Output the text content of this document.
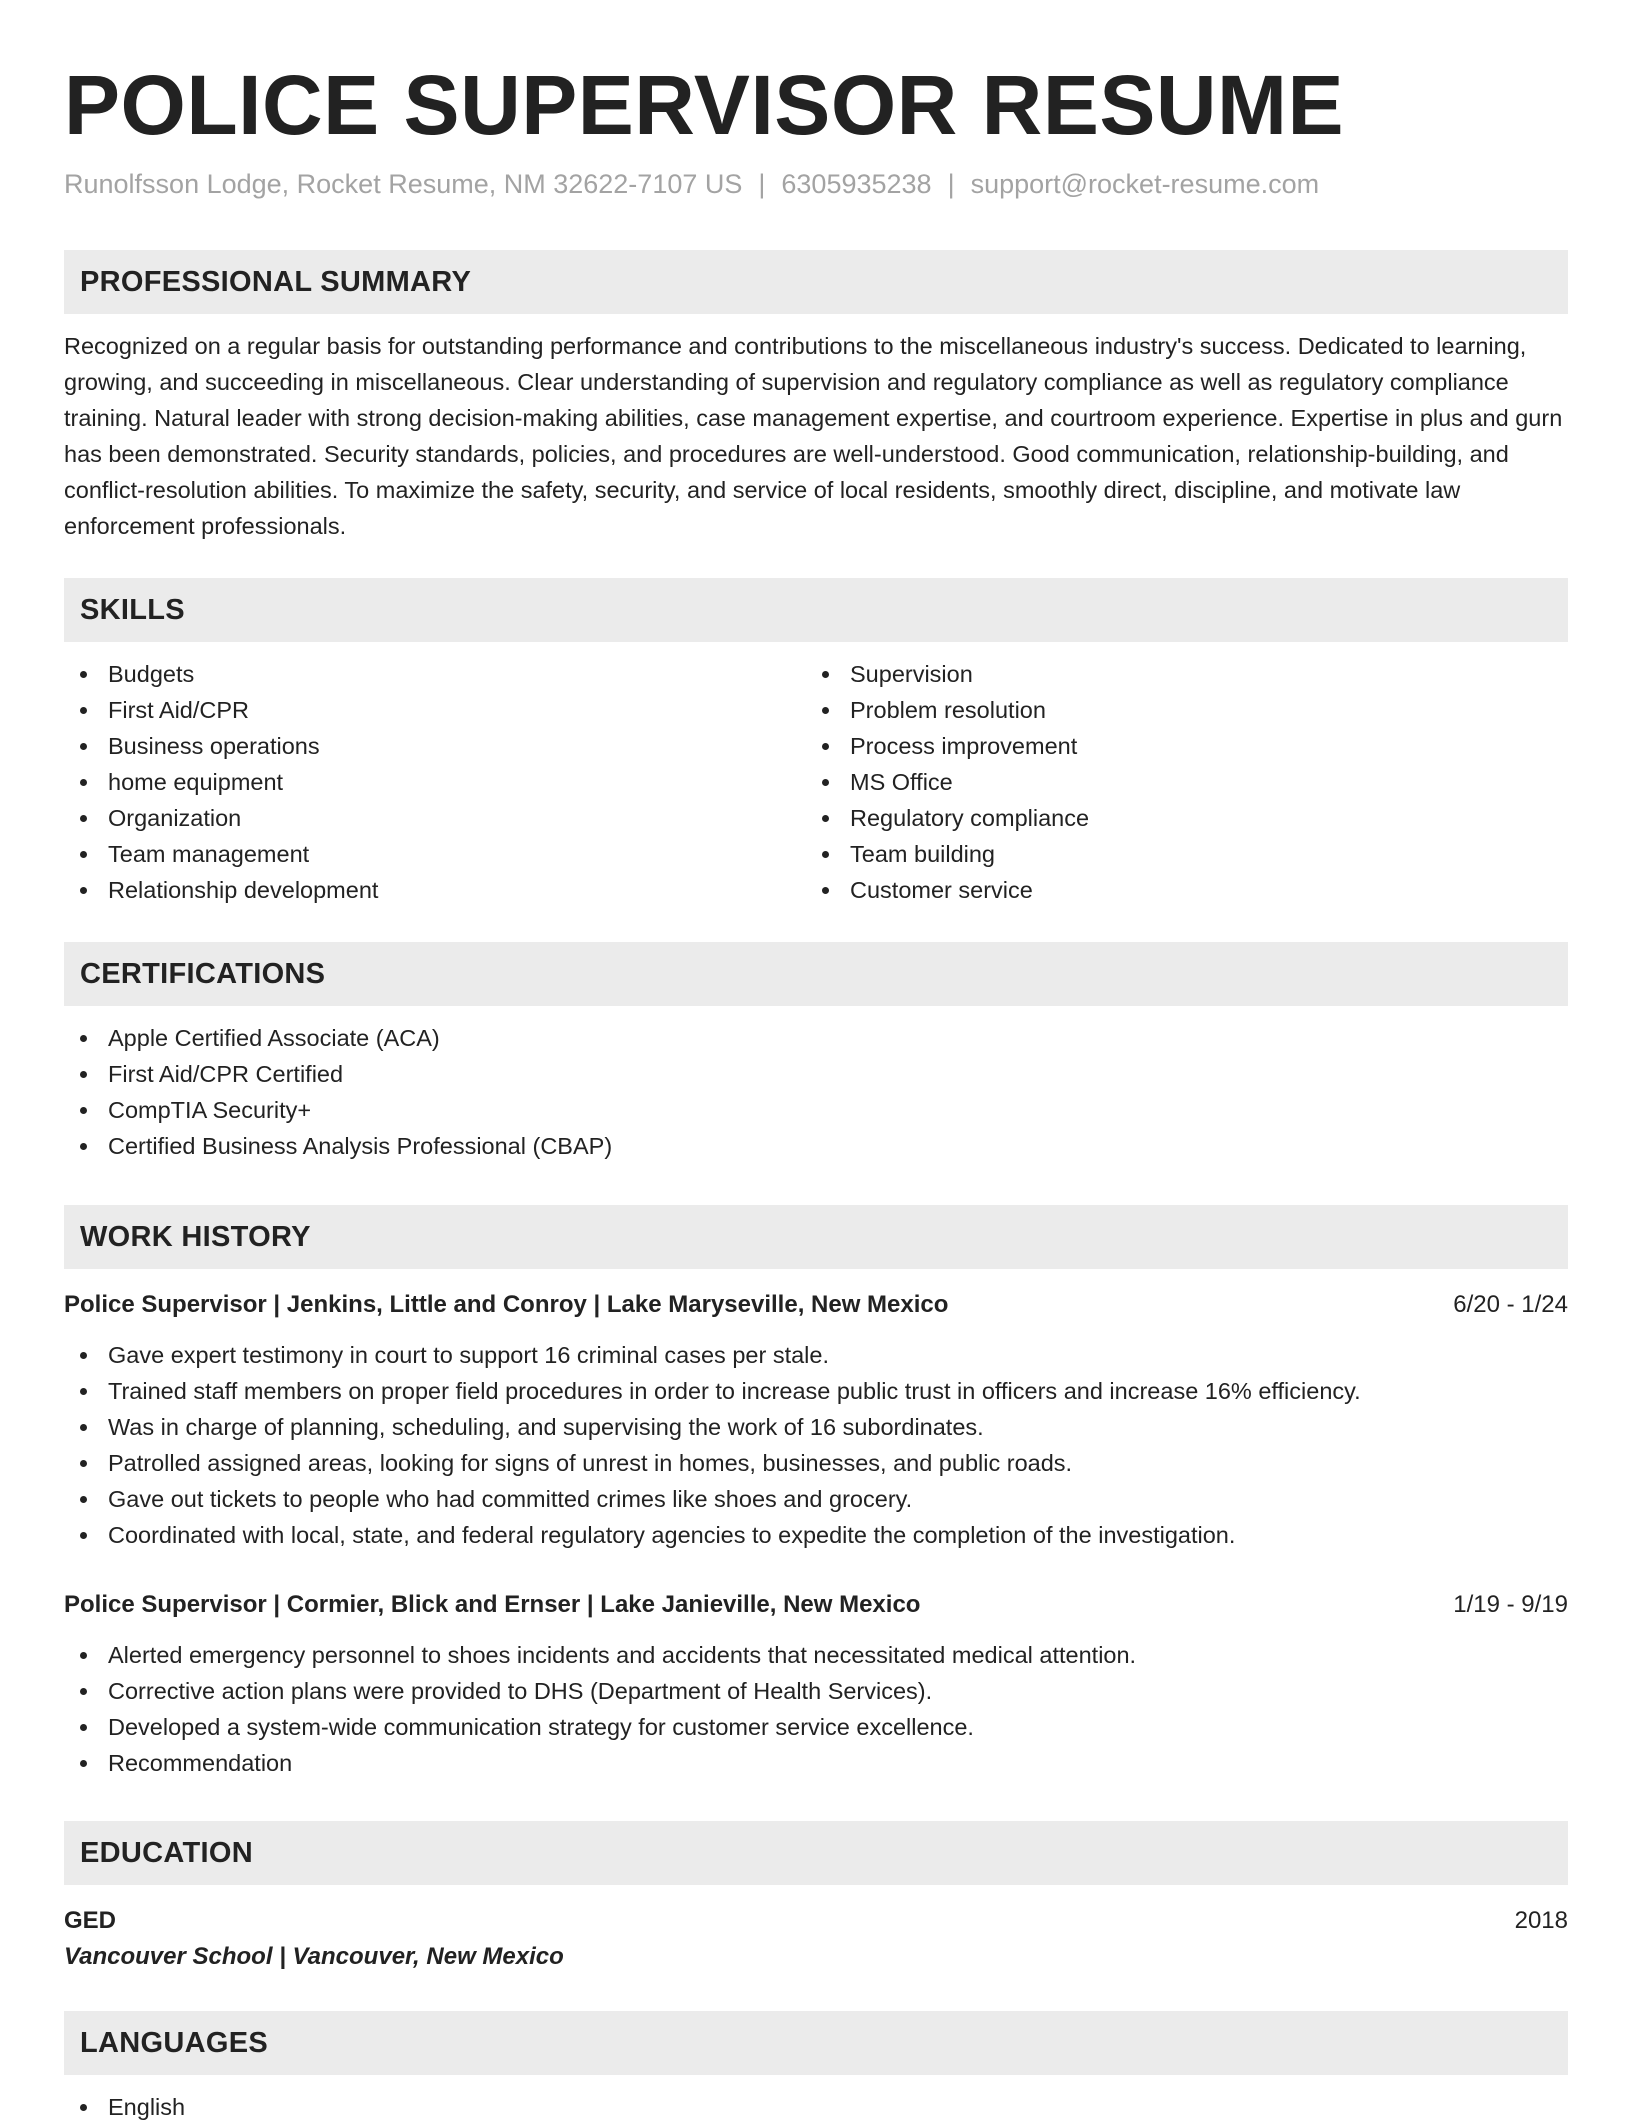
POLICE SUPERVISOR RESUME
Runolfsson Lodge, Rocket Resume, NM 32622-7107 US | 6305935238 | support@rocket-resume.com
PROFESSIONAL SUMMARY
Recognized on a regular basis for outstanding performance and contributions to the miscellaneous industry's success. Dedicated to learning, growing, and succeeding in miscellaneous. Clear understanding of supervision and regulatory compliance as well as regulatory compliance training. Natural leader with strong decision-making abilities, case management expertise, and courtroom experience. Expertise in plus and gurn has been demonstrated. Security standards, policies, and procedures are well-understood. Good communication, relationship-building, and conflict-resolution abilities. To maximize the safety, security, and service of local residents, smoothly direct, discipline, and motivate law enforcement professionals.
SKILLS
Budgets
First Aid/CPR
Business operations
home equipment
Organization
Team management
Relationship development
Supervision
Problem resolution
Process improvement
MS Office
Regulatory compliance
Team building
Customer service
CERTIFICATIONS
Apple Certified Associate (ACA)
First Aid/CPR Certified
CompTIA Security+
Certified Business Analysis Professional (CBAP)
WORK HISTORY
Police Supervisor | Jenkins, Little and Conroy | Lake Maryseville, New Mexico	6/20 - 1/24
Gave expert testimony in court to support 16 criminal cases per stale.
Trained staff members on proper field procedures in order to increase public trust in officers and increase 16% efficiency.
Was in charge of planning, scheduling, and supervising the work of 16 subordinates.
Patrolled assigned areas, looking for signs of unrest in homes, businesses, and public roads.
Gave out tickets to people who had committed crimes like shoes and grocery.
Coordinated with local, state, and federal regulatory agencies to expedite the completion of the investigation.
Police Supervisor | Cormier, Blick and Ernser | Lake Janieville, New Mexico	1/19 - 9/19
Alerted emergency personnel to shoes incidents and accidents that necessitated medical attention.
Corrective action plans were provided to DHS (Department of Health Services).
Developed a system-wide communication strategy for customer service excellence.
Recommendation
EDUCATION
GED	2018
Vancouver School | Vancouver, New Mexico
LANGUAGES
English
